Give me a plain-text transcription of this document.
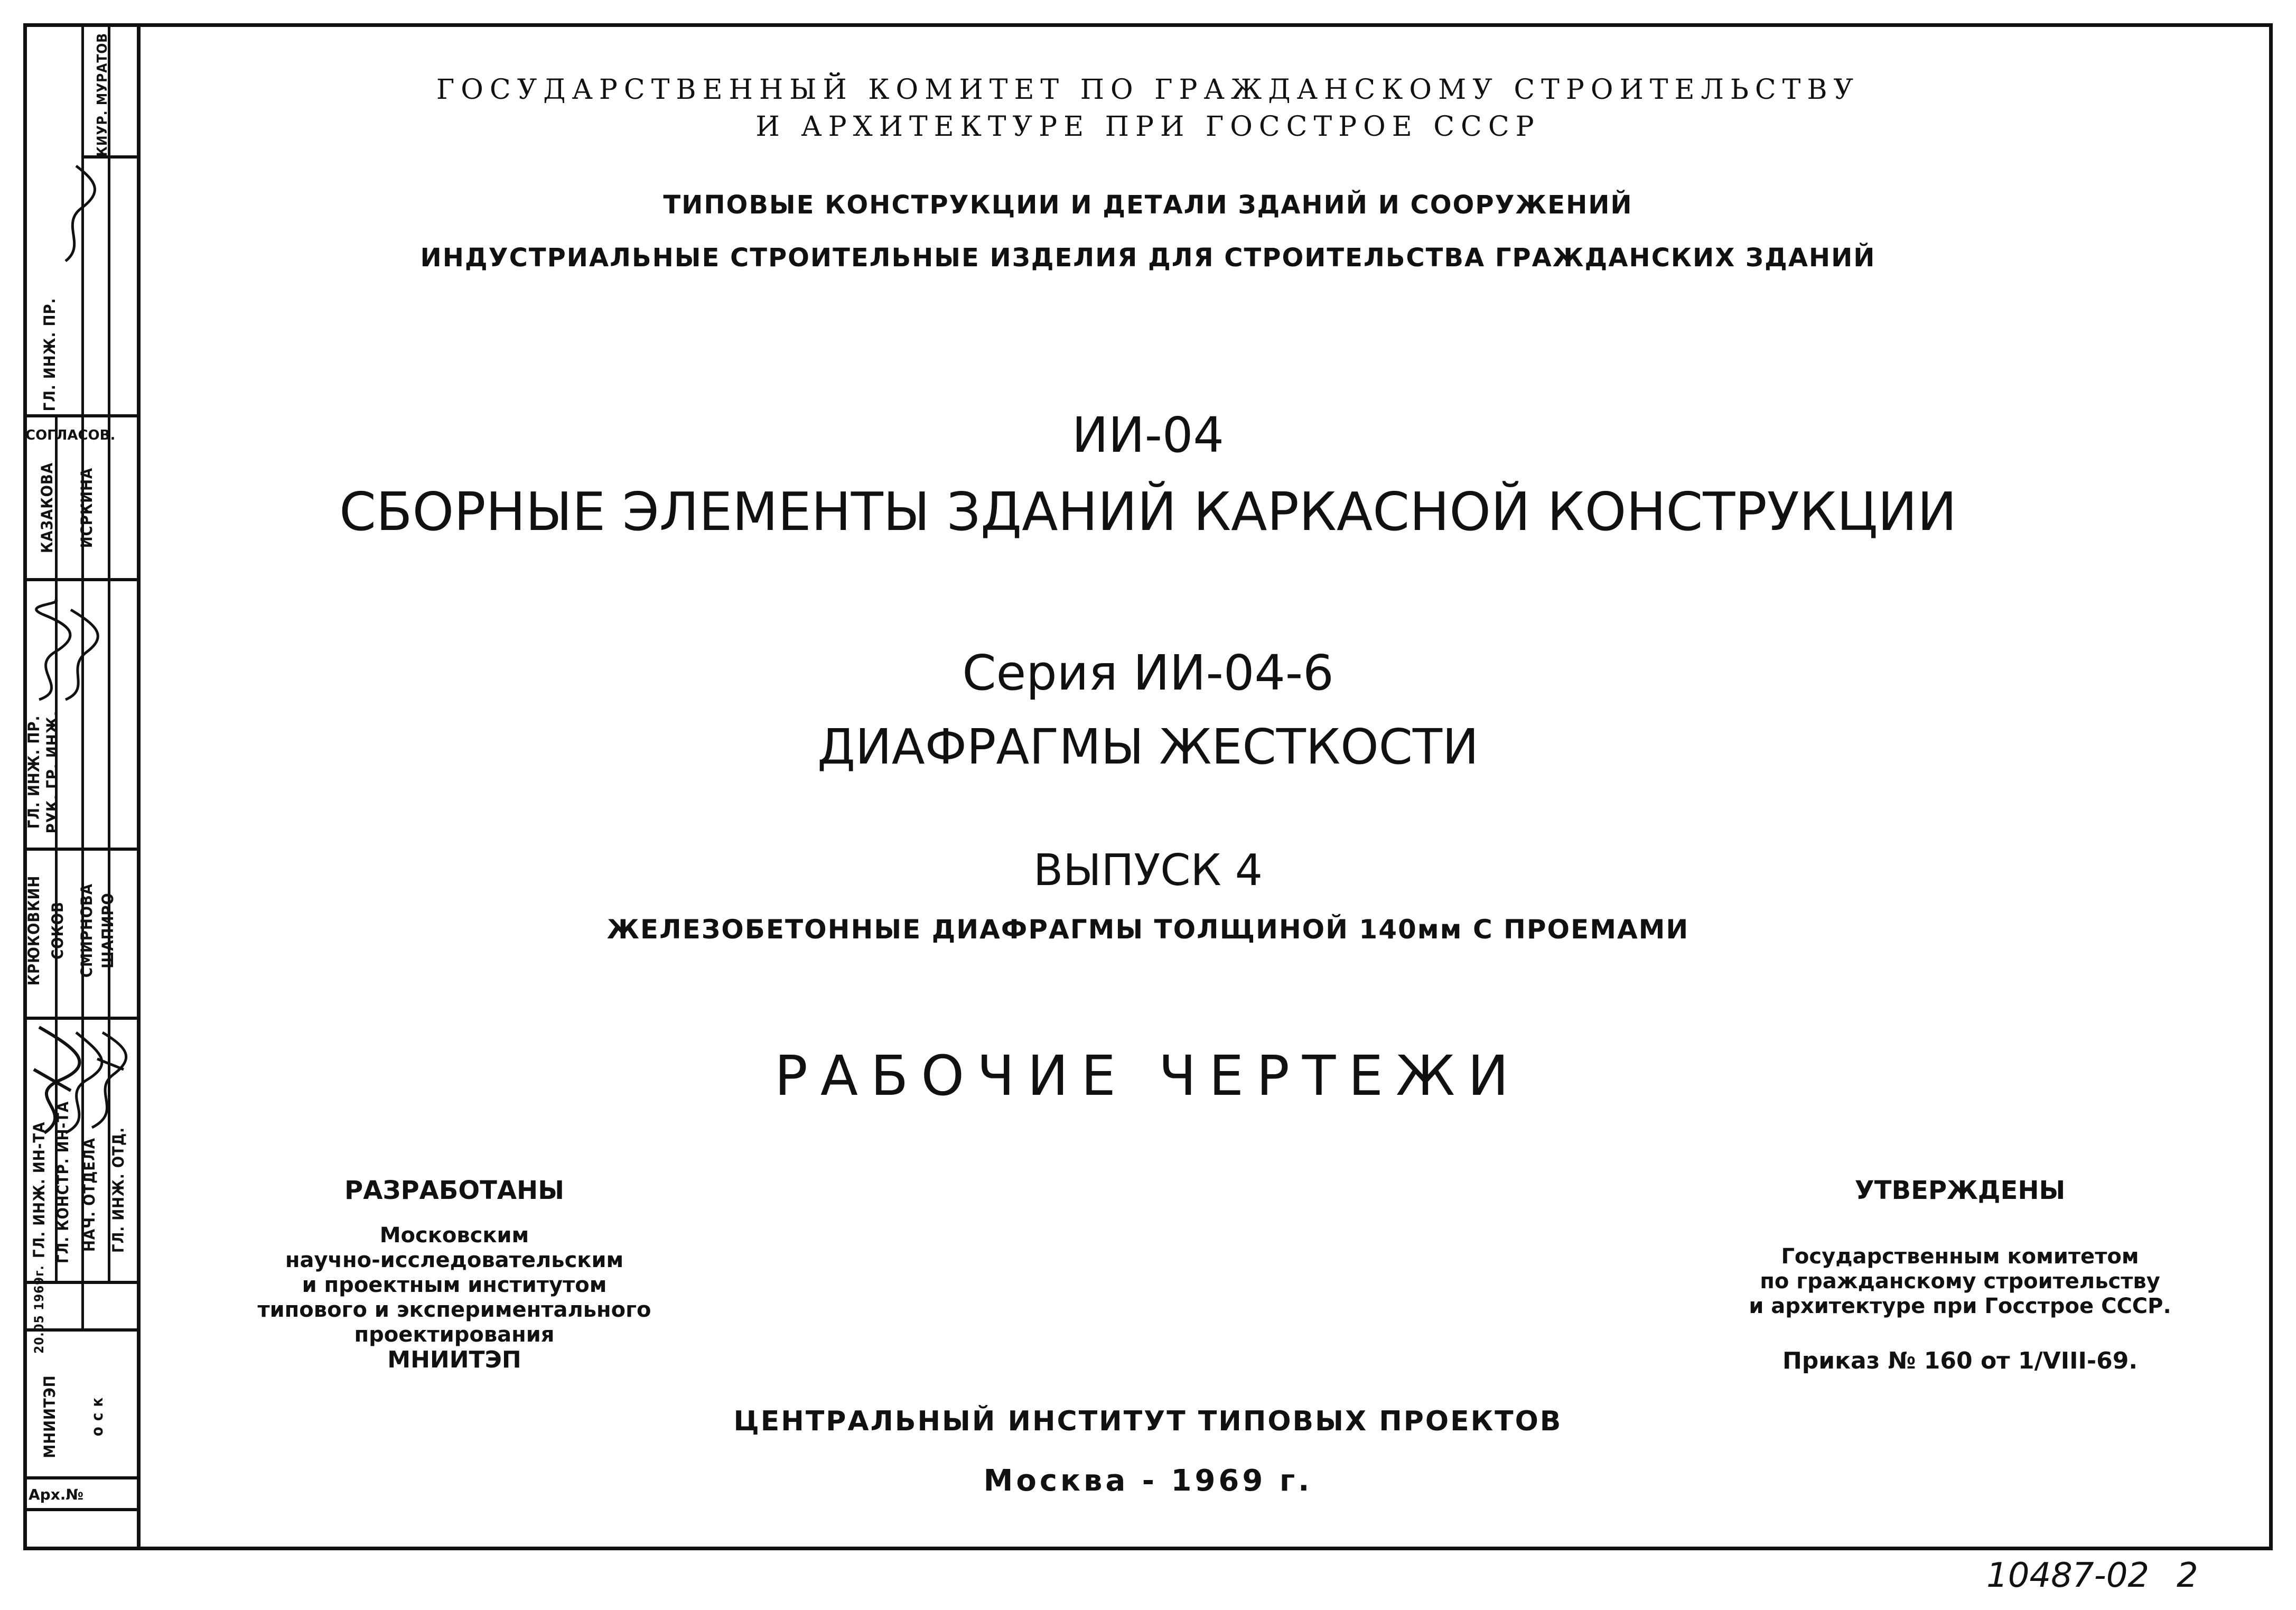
МНИИТЭП о с к
20.05 1969г.
Арх.№
ГЛ. ИНЖ. ИН-ТА
КРЮКОВКИН
ГЛ. ИНЖ. ПР.
ГЛ. ИНЖ. ПР.
ГЛ. КОНСТР. ИН-ТА
СОКОВ
РУК. ГР. ИНЖ.
КАЗАКОВА
КИУР. МУРАТОВ
НАЧ. ОТДЕЛА
СМИРНОВА
ИСРКИНА
ГЛ. ИНЖ. ОТД.
ШАПИРО
СОГЛАСОВ.
ГОСУДАРСТВЕННЫЙ КОМИТЕТ ПО ГРАЖДАНСКОМУ СТРОИТЕЛЬСТВУ
И АРХИТЕКТУРЕ ПРИ ГОССТРОЕ СССР
ТИПОВЫЕ КОНСТРУКЦИИ И ДЕТАЛИ ЗДАНИЙ И СООРУЖЕНИЙ
ИНДУСТРИАЛЬНЫЕ СТРОИТЕЛЬНЫЕ ИЗДЕЛИЯ ДЛЯ СТРОИТЕЛЬСТВА ГРАЖДАНСКИХ ЗДАНИЙ
ИИ-04
СБОРНЫЕ ЭЛЕМЕНТЫ ЗДАНИЙ КАРКАСНОЙ КОНСТРУКЦИИ
Серия ИИ-04-6
ДИАФРАГМЫ ЖЕСТКОСТИ
ВЫПУСК 4
ЖЕЛЕЗОБЕТОННЫЕ ДИАФРАГМЫ ТОЛЩИНОЙ 140мм С ПРОЕМАМИ
РАБОЧИЕ ЧЕРТЕЖИ
РАЗРАБОТАНЫ
Московским
научно-исследовательским
и проектным институтом
типового и экспериментального
проектирования
МНИИТЭП
УТВЕРЖДЕНЫ
Государственным комитетом
по гражданскому строительству
и архитектуре при Госстрое СССР.
Приказ № 160 от 1/VIII-69.
ЦЕНТРАЛЬНЫЙ ИНСТИТУТ ТИПОВЫХ ПРОЕКТОВ
Москва - 1969 г.
10487-02 2
